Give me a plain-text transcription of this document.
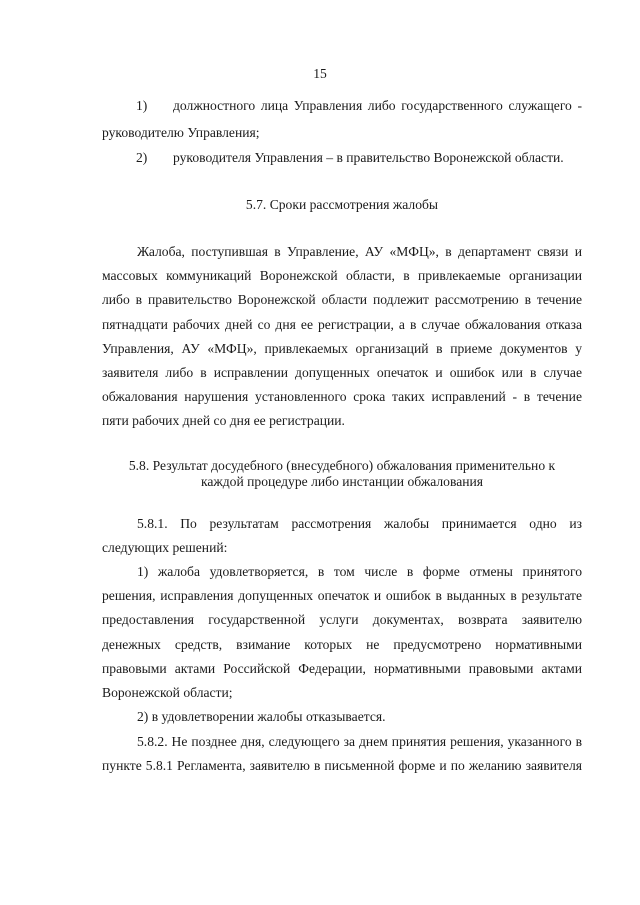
15
1) должностного лица Управления либо государственного служащего -
руководителю Управления;
2) руководителя Управления – в правительство Воронежской области.
5.7. Сроки рассмотрения жалобы
Жалоба, поступившая в Управление, АУ «МФЦ», в департамент связи и
массовых коммуникаций Воронежской области, в привлекаемые организации
либо в правительство Воронежской области подлежит рассмотрению в течение
пятнадцати рабочих дней со дня ее регистрации, а в случае обжалования отказа
Управления, АУ «МФЦ», привлекаемых организаций в приеме документов у
заявителя либо в исправлении допущенных опечаток и ошибок или в случае
обжалования нарушения установленного срока таких исправлений - в течение
пяти рабочих дней со дня ее регистрации.
5.8. Результат досудебного (внесудебного) обжалования применительно к
каждой процедуре либо инстанции обжалования
5.8.1. По результатам рассмотрения жалобы принимается одно из
следующих решений:
1) жалоба удовлетворяется, в том числе в форме отмены принятого
решения, исправления допущенных опечаток и ошибок в выданных в результате
предоставления государственной услуги документах, возврата заявителю
денежных средств, взимание которых не предусмотрено нормативными
правовыми актами Российской Федерации, нормативными правовыми актами
Воронежской области;
2) в удовлетворении жалобы отказывается.
5.8.2. Не позднее дня, следующего за днем принятия решения, указанного в
пункте 5.8.1 Регламента, заявителю в письменной форме и по желанию заявителя
